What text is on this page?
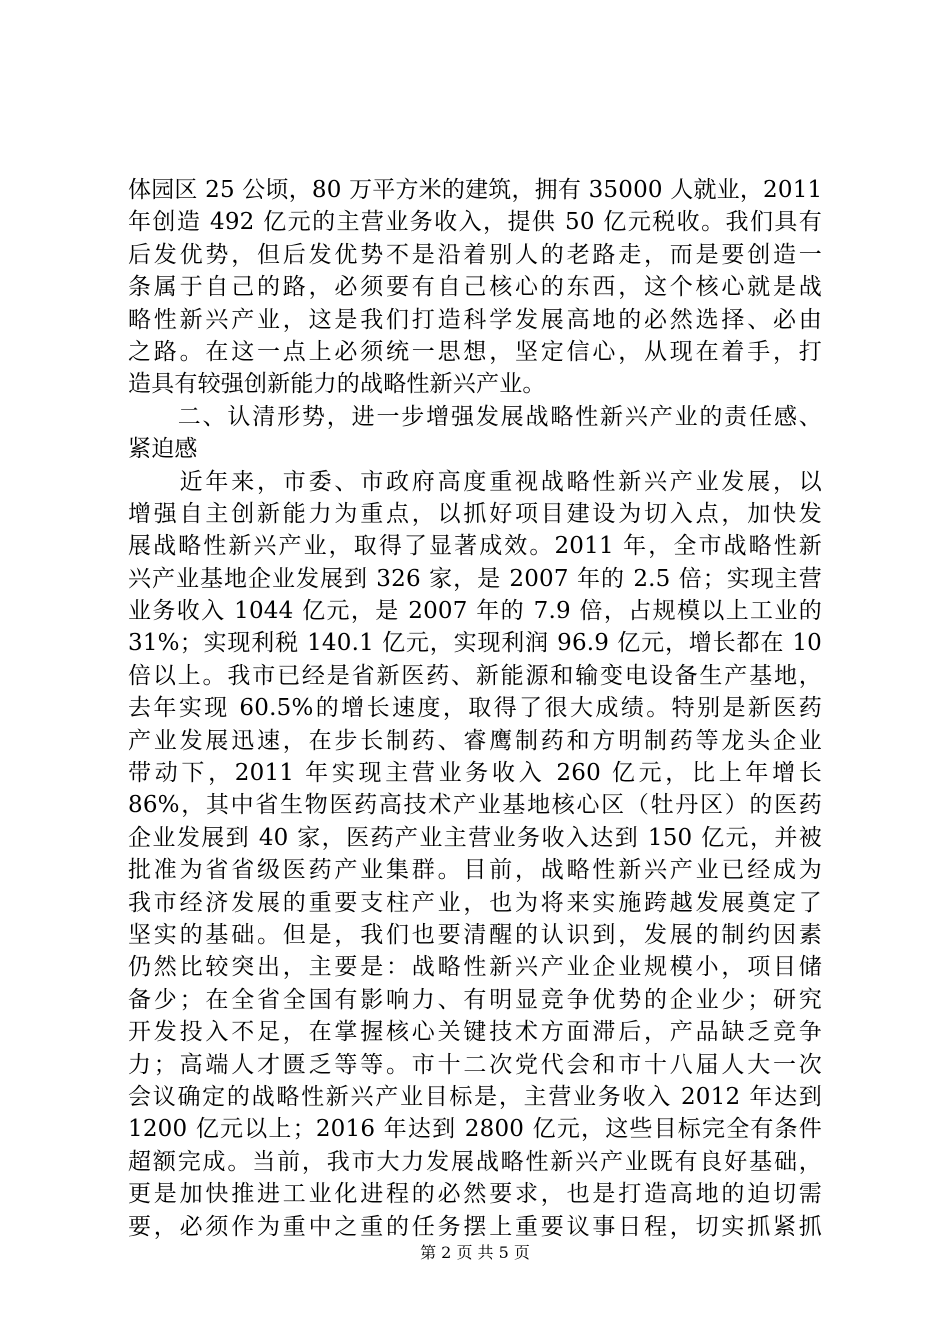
体园区 25 公顷，80 万平方米的建筑，拥有 35000 人就业，2011
年创造 492 亿元的主营业务收入，提供 50 亿元税收。我们具有
后发优势，但后发优势不是沿着别人的老路走，而是要创造一
条属于自己的路，必须要有自己核心的东西，这个核心就是战
略性新兴产业，这是我们打造科学发展高地的必然选择、必由
之路。在这一点上必须统一思想，坚定信心，从现在着手，打
造具有较强创新能力的战略性新兴产业。
　　二、认清形势，进一步增强发展战略性新兴产业的责任感、
紧迫感
　　近年来，市委、市政府高度重视战略性新兴产业发展，以
增强自主创新能力为重点，以抓好项目建设为切入点，加快发
展战略性新兴产业，取得了显著成效。2011 年，全市战略性新
兴产业基地企业发展到 326 家，是 2007 年的 2.5 倍；实现主营
业务收入 1044 亿元，是 2007 年的 7.9 倍，占规模以上工业的
31%；实现利税 140.1 亿元，实现利润 96.9 亿元，增长都在 10
倍以上。我市已经是省新医药、新能源和输变电设备生产基地，
去年实现 60.5%的增长速度，取得了很大成绩。特别是新医药
产业发展迅速，在步长制药、睿鹰制药和方明制药等龙头企业
带动下，2011 年实现主营业务收入 260 亿元，比上年增长
86%，其中省生物医药高技术产业基地核心区（牡丹区）的医药
企业发展到 40 家，医药产业主营业务收入达到 150 亿元，并被
批准为省省级医药产业集群。目前，战略性新兴产业已经成为
我市经济发展的重要支柱产业，也为将来实施跨越发展奠定了
坚实的基础。但是，我们也要清醒的认识到，发展的制约因素
仍然比较突出，主要是：战略性新兴产业企业规模小，项目储
备少；在全省全国有影响力、有明显竞争优势的企业少；研究
开发投入不足，在掌握核心关键技术方面滞后，产品缺乏竞争
力；高端人才匮乏等等。市十二次党代会和市十八届人大一次
会议确定的战略性新兴产业目标是，主营业务收入 2012 年达到
1200 亿元以上；2016 年达到 2800 亿元，这些目标完全有条件
超额完成。当前，我市大力发展战略性新兴产业既有良好基础，
更是加快推进工业化进程的必然要求，也是打造高地的迫切需
要，必须作为重中之重的任务摆上重要议事日程，切实抓紧抓
第 2 页 共 5 页
